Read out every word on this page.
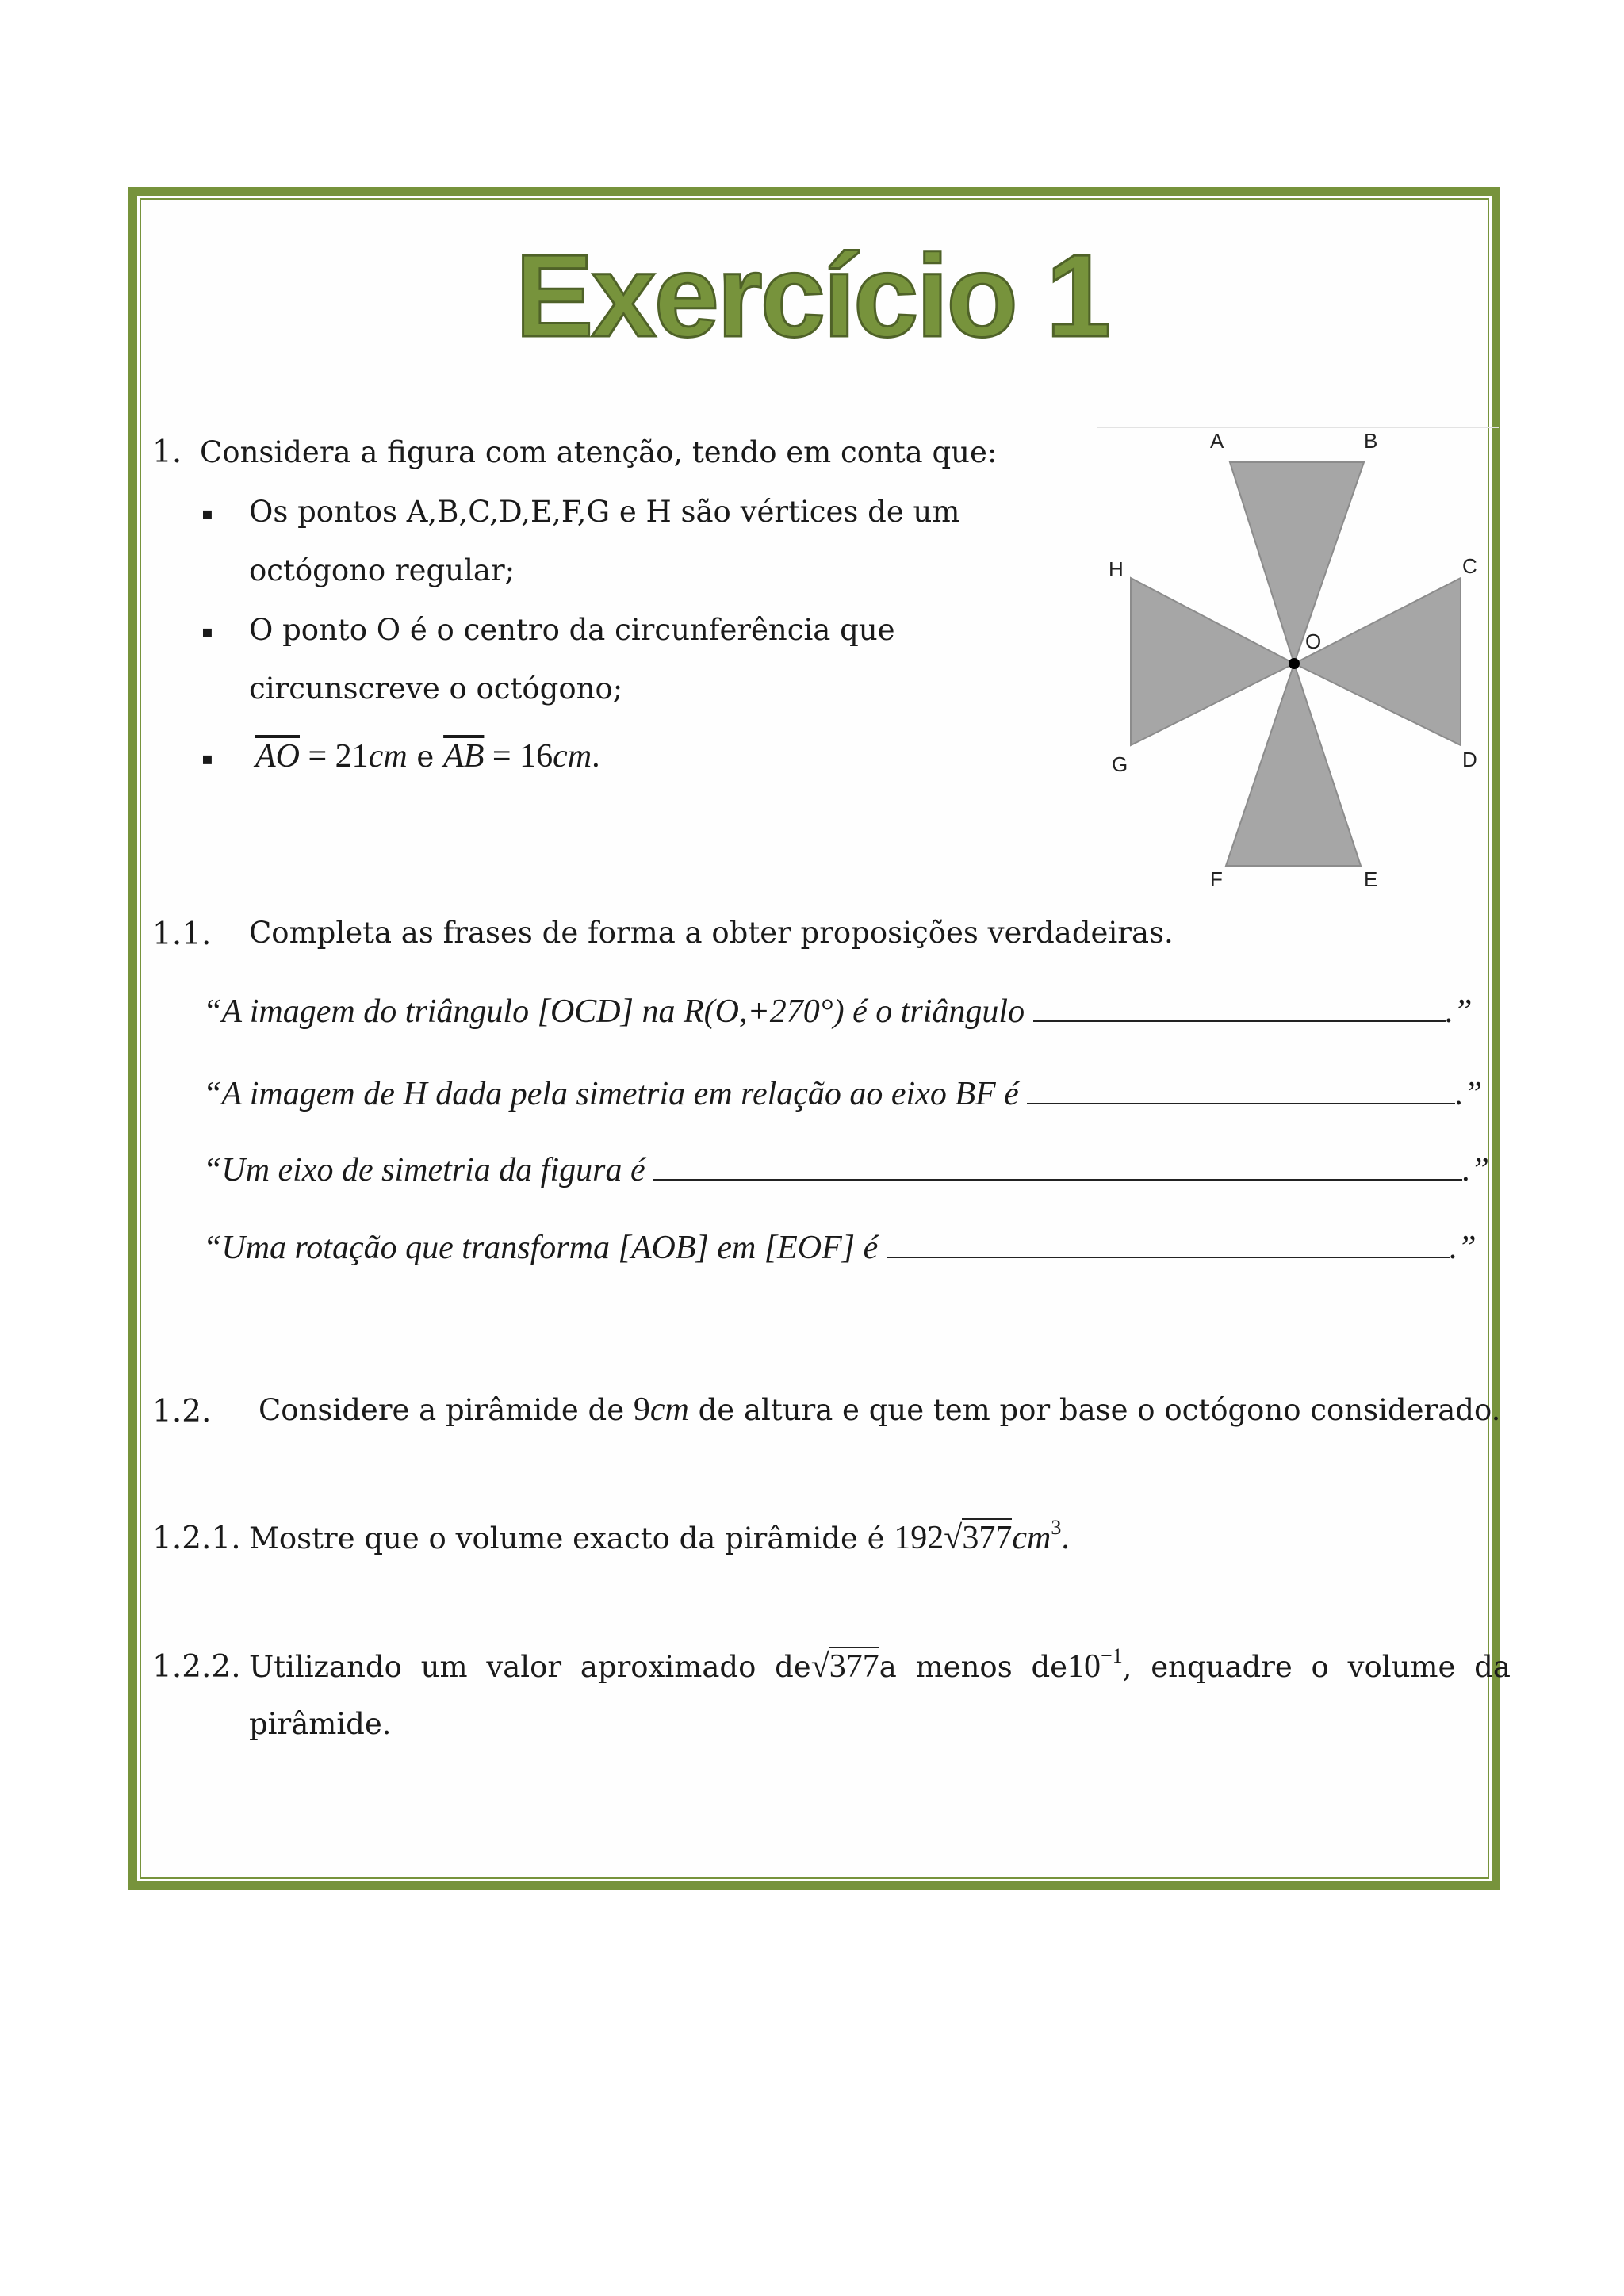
Exercício 1
1. Considera a figura com atenção, tendo em conta que:
▪ Os pontos A,B,C,D,E,F,G e H são vértices de um
octógono regular;
▪ O ponto O é o centro da circunferência que
circunscreve o octógono;
▪ $\overline{AO} = 21cm$ e $\overline{AB} = 16cm$.
A	B
C
D
E
F
G
H
O
1.1. Completa as frases de forma a obter proposições verdadeiras.
“A imagem do triângulo [OCD] na R(O,+270°) é o triângulo	.”
“A imagem de H dada pela simetria em relação ao eixo BF é	.”
“Um eixo de simetria da figura é	.”
“Uma rotação que transforma [AOB] em [EOF] é	.”
1.2. Considere a pirâmide de 9cm de altura e que tem por base o octógono considerado.
1.2.1. Mostre que o volume exacto da pirâmide é 192√377cm3.
1.2.2. Utilizando um valor aproximado de √377 a menos de 10−1 , enquadre o volume da
pirâmide.
